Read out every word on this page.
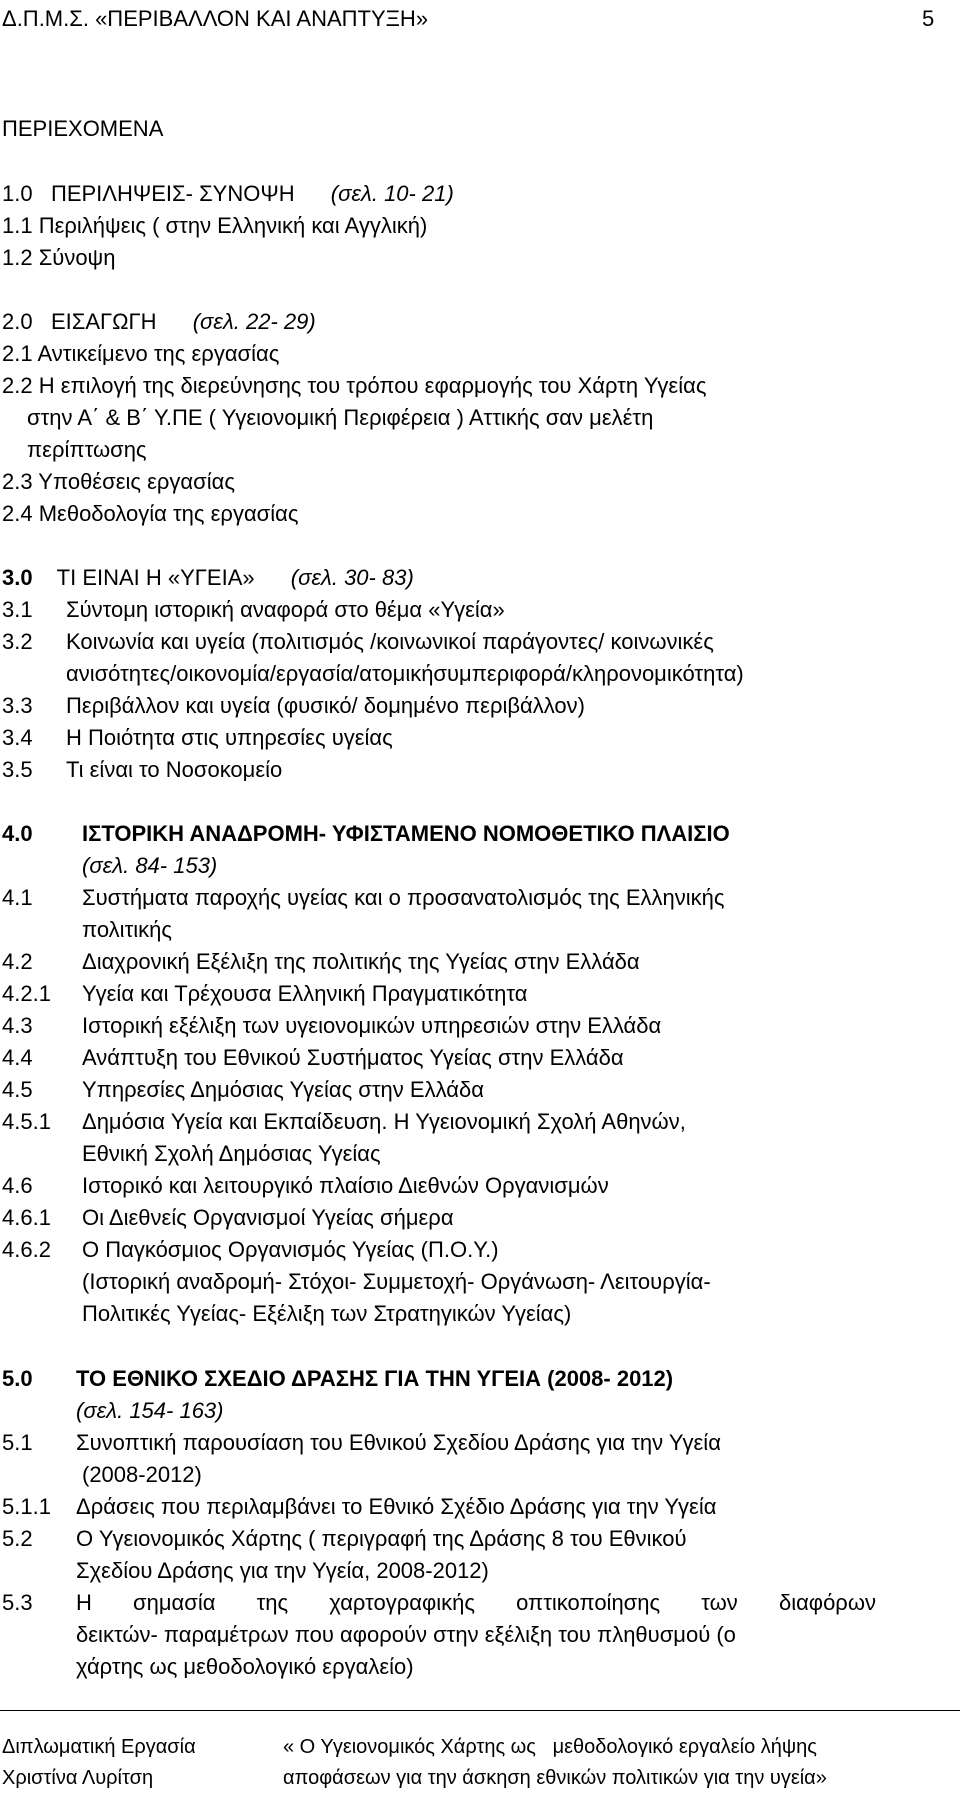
Δ.Π.Μ.Σ. «ΠΕΡΙΒΑΛΛΟΝ ΚΑΙ ΑΝΑΠΤΥΞΗ»	5
ΠΕΡΙΕΧΟΜΕΝΑ
1.0 ΠΕΡΙΛΗΨΕΙΣ- ΣΥΝΟΨΗ (σελ. 10- 21)
1.1 Περιλήψεις ( στην Ελληνική και Αγγλική)
1.2 Σύνοψη
2.0 ΕΙΣΑΓΩΓΗ (σελ. 22- 29)
2.1 Αντικείμενο της εργασίας
2.2 Η επιλογή της διερεύνησης του τρόπου εφαρμογής του Χάρτη Υγείας
στην Α΄ & Β΄ Υ.ΠΕ ( Υγειονομική Περιφέρεια ) Αττικής σαν μελέτη
περίπτωσης
2.3 Υποθέσεις εργασίας
2.4 Μεθοδολογία της εργασίας
3.0 ΤΙ ΕΙΝΑΙ Η «ΥΓΕΙΑ» (σελ. 30- 83)
3.1 Σύντομη ιστορική αναφορά στο θέμα «Υγεία»
3.2 Κοινωνία και υγεία (πολιτισμός /κοινωνικοί παράγοντες/ κοινωνικές
ανισότητες/οικονομία/εργασία/ατομικήσυμπεριφορά/κληρονομικότητα)
3.3 Περιβάλλον και υγεία (φυσικό/ δομημένο περιβάλλον)
3.4 Η Ποιότητα στις υπηρεσίες υγείας
3.5 Τι είναι το Νοσοκομείο
4.0 ΙΣΤΟΡΙΚΗ ΑΝΑΔΡΟΜΗ- ΥΦΙΣΤΑΜΕΝΟ ΝΟΜΟΘΕΤΙΚΟ ΠΛΑΙΣΙΟ
(σελ. 84- 153)
4.1 Συστήματα παροχής υγείας και ο προσανατολισμός της Ελληνικής
πολιτικής
4.2 Διαχρονική Εξέλιξη της πολιτικής της Υγείας στην Ελλάδα
4.2.1 Υγεία και Τρέχουσα Ελληνική Πραγματικότητα
4.3 Ιστορική εξέλιξη των υγειονομικών υπηρεσιών στην Ελλάδα
4.4 Ανάπτυξη του Εθνικού Συστήματος Υγείας στην Ελλάδα
4.5 Υπηρεσίες Δημόσιας Υγείας στην Ελλάδα
4.5.1 Δημόσια Υγεία και Εκπαίδευση. Η Υγειονομική Σχολή Αθηνών,
Εθνική Σχολή Δημόσιας Υγείας
4.6 Ιστορικό και λειτουργικό πλαίσιο Διεθνών Οργανισμών
4.6.1 Οι Διεθνείς Οργανισμοί Υγείας σήμερα
4.6.2 Ο Παγκόσμιος Οργανισμός Υγείας (Π.Ο.Υ.)
(Ιστορική αναδρομή- Στόχοι- Συμμετοχή- Οργάνωση- Λειτουργία-
Πολιτικές Υγείας- Εξέλιξη των Στρατηγικών Υγείας)
5.0 ΤΟ ΕΘΝΙΚΟ ΣΧΕΔΙΟ ΔΡΑΣΗΣ ΓΙΑ ΤΗΝ ΥΓΕΙΑ (2008- 2012)
(σελ. 154- 163)
5.1 Συνοπτική παρουσίαση του Εθνικού Σχεδίου Δράσης για την Υγεία
(2008-2012)
5.1.1 Δράσεις που περιλαμβάνει το Εθνικό Σχέδιο Δράσης για την Υγεία
5.2 Ο Υγειονομικός Χάρτης ( περιγραφή της Δράσης 8 του Εθνικού
Σχεδίου Δράσης για την Υγεία, 2008-2012)
5.3 Η σημασία της χαρτογραφικής οπτικοποίησης των διαφόρων
δεικτών- παραμέτρων που αφορούν στην εξέλιξη του πληθυσμού (ο
χάρτης ως μεθοδολογικό εργαλείο)
Διπλωματική Εργασία
Χριστίνα Λυρίτση
« Ο Υγειονομικός Χάρτης ως   μεθοδολογικό εργαλείο λήψης
αποφάσεων για την άσκηση εθνικών πολιτικών για την υγεία»
